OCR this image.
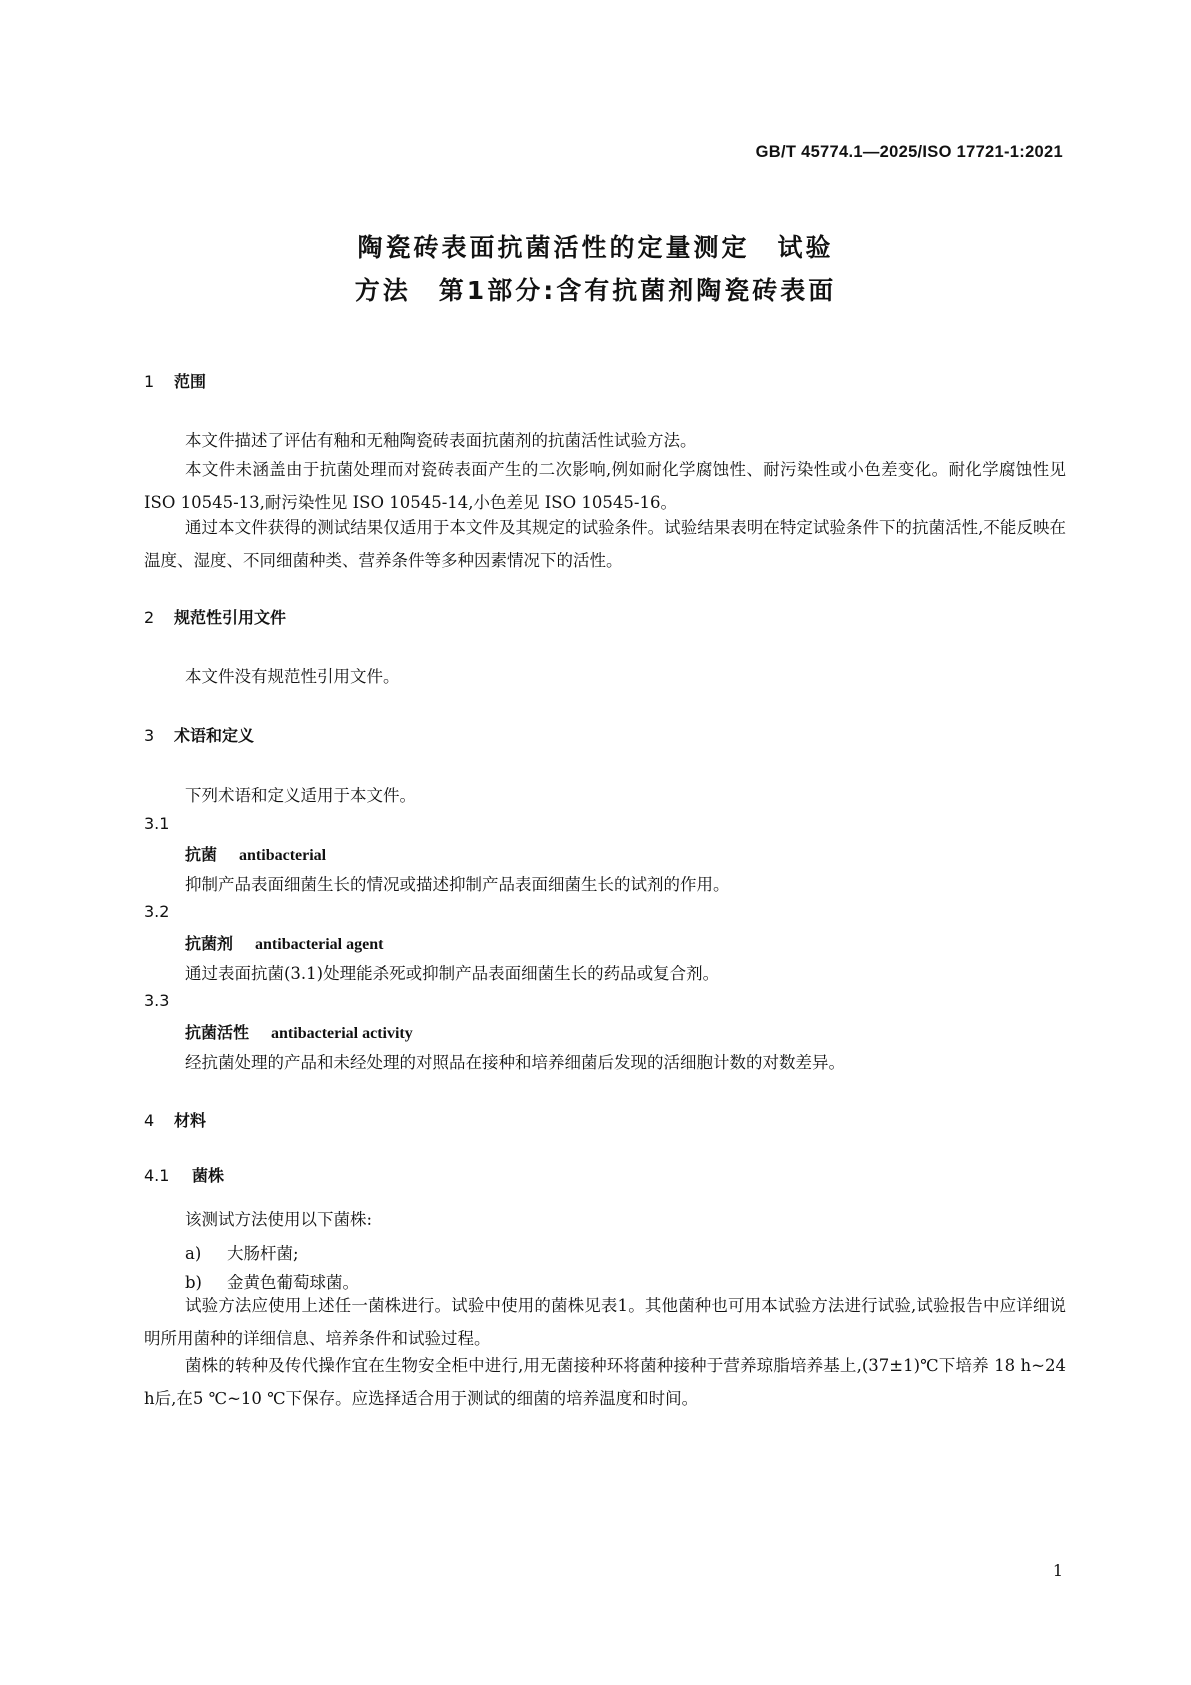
GB/T 45774.1—2025/ISO 17721-1:2021
陶瓷砖表面抗菌活性的定量测定　试验
方法　第1部分:含有抗菌剂陶瓷砖表面
1 范围
本文件描述了评估有釉和无釉陶瓷砖表面抗菌剂的抗菌活性试验方法。
本文件未涵盖由于抗菌处理而对瓷砖表面产生的二次影响,例如耐化学腐蚀性、耐污染性或小色差变化。耐化学腐蚀性见 ISO 10545-13,耐污染性见 ISO 10545-14,小色差见 ISO 10545-16。
通过本文件获得的测试结果仅适用于本文件及其规定的试验条件。试验结果表明在特定试验条件下的抗菌活性,不能反映在温度、湿度、不同细菌种类、营养条件等多种因素情况下的活性。
2 规范性引用文件
本文件没有规范性引用文件。
3 术语和定义
下列术语和定义适用于本文件。
3.1
抗菌 antibacterial
抑制产品表面细菌生长的情况或描述抑制产品表面细菌生长的试剂的作用。
3.2
抗菌剂 antibacterial agent
通过表面抗菌(3.1)处理能杀死或抑制产品表面细菌生长的药品或复合剂。
3.3
抗菌活性 antibacterial activity
经抗菌处理的产品和未经处理的对照品在接种和培养细菌后发现的活细胞计数的对数差异。
4 材料
4.1 菌株
该测试方法使用以下菌株:
a) 大肠杆菌;
b) 金黄色葡萄球菌。
试验方法应使用上述任一菌株进行。试验中使用的菌株见表1。其他菌种也可用本试验方法进行试验,试验报告中应详细说明所用菌种的详细信息、培养条件和试验过程。
菌株的转种及传代操作宜在生物安全柜中进行,用无菌接种环将菌种接种于营养琼脂培养基上,(37±1)℃下培养 18 h~24 h后,在5 ℃~10 ℃下保存。应选择适合用于测试的细菌的培养温度和时间。
1
